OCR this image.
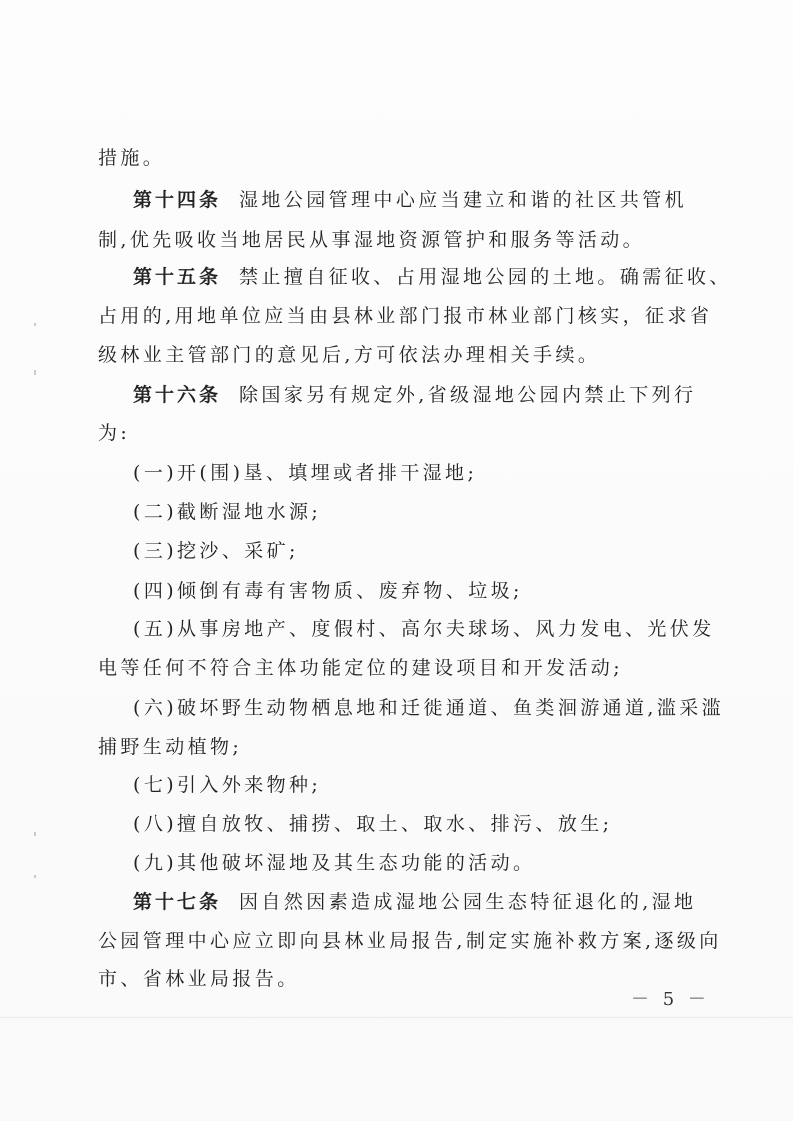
措施。
第十四条 湿地公园管理中心应当建立和谐的社区共管机
制,优先吸收当地居民从事湿地资源管护和服务等活动。
第十五条 禁止擅自征收、占用湿地公园的土地。确需征收、
占用的,用地单位应当由县林业部门报市林业部门核实，征求省
级林业主管部门的意见后,方可依法办理相关手续。
第十六条 除国家另有规定外,省级湿地公园内禁止下列行
为:
(一)开(围)垦、填埋或者排干湿地;
(二)截断湿地水源;
(三)挖沙、采矿;
(四)倾倒有毒有害物质、废弃物、垃圾;
(五)从事房地产、度假村、高尔夫球场、风力发电、光伏发
电等任何不符合主体功能定位的建设项目和开发活动;
(六)破坏野生动物栖息地和迁徙通道、鱼类洄游通道,滥采滥
捕野生动植物;
(七)引入外来物种;
(八)擅自放牧、捕捞、取土、取水、排污、放生;
(九)其他破坏湿地及其生态功能的活动。
第十七条 因自然因素造成湿地公园生态特征退化的,湿地
公园管理中心应立即向县林业局报告,制定实施补救方案,逐级向
市、省林业局报告。
－ 5 －
